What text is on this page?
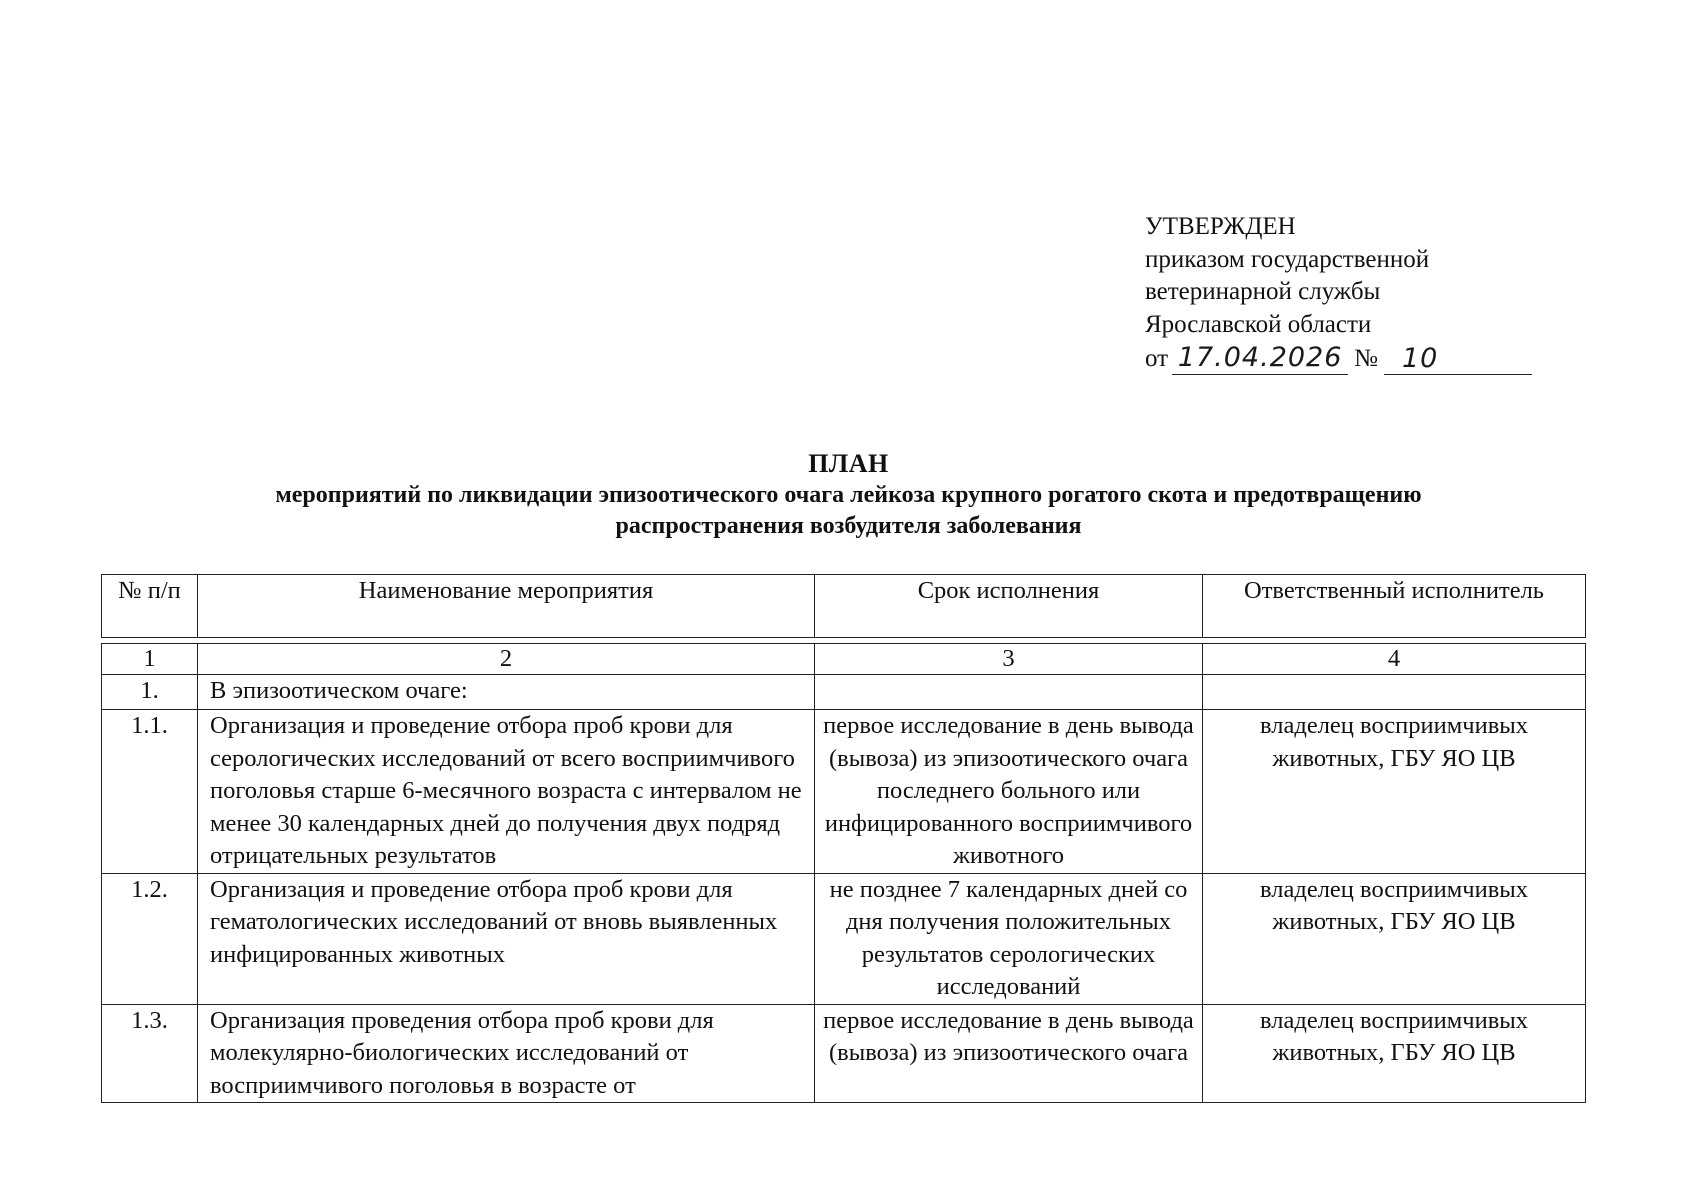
УТВЕРЖДЕН
приказом государственной
ветеринарной службы
Ярославской области
от 17.04.2026 № 10
ПЛАН
мероприятий по ликвидации эпизоотического очага лейкоза крупного рогатого скота и предотвращению
распространения возбудителя заболевания
№ п/п	Наименование мероприятия	Срок исполнения	Ответственный исполнитель

1	2	3	4
1.	В эпизоотическом очаге:		
1.1.	Организация и проведение отбора проб крови для серологических исследований от всего восприимчивого поголовья старше 6-месячного возраста с интервалом не менее 30 календарных дней до получения двух подряд отрицательных результатов	первое исследование в день вывода (вывоза) из эпизоотического очага последнего больного или инфицированного восприимчивого животного	владелец восприимчивых животных, ГБУ ЯО ЦВ
1.2.	Организация и проведение отбора проб крови для гематологических исследований от вновь выявленных инфицированных животных	не позднее 7 календарных дней со дня получения положительных результатов серологических исследований	владелец восприимчивых животных, ГБУ ЯО ЦВ
1.3.	Организация проведения отбора проб крови для молекулярно-биологических исследований от восприимчивого поголовья в возрасте от	первое исследование в день вывода (вывоза) из эпизоотического очага	владелец восприимчивых животных, ГБУ ЯО ЦВ
